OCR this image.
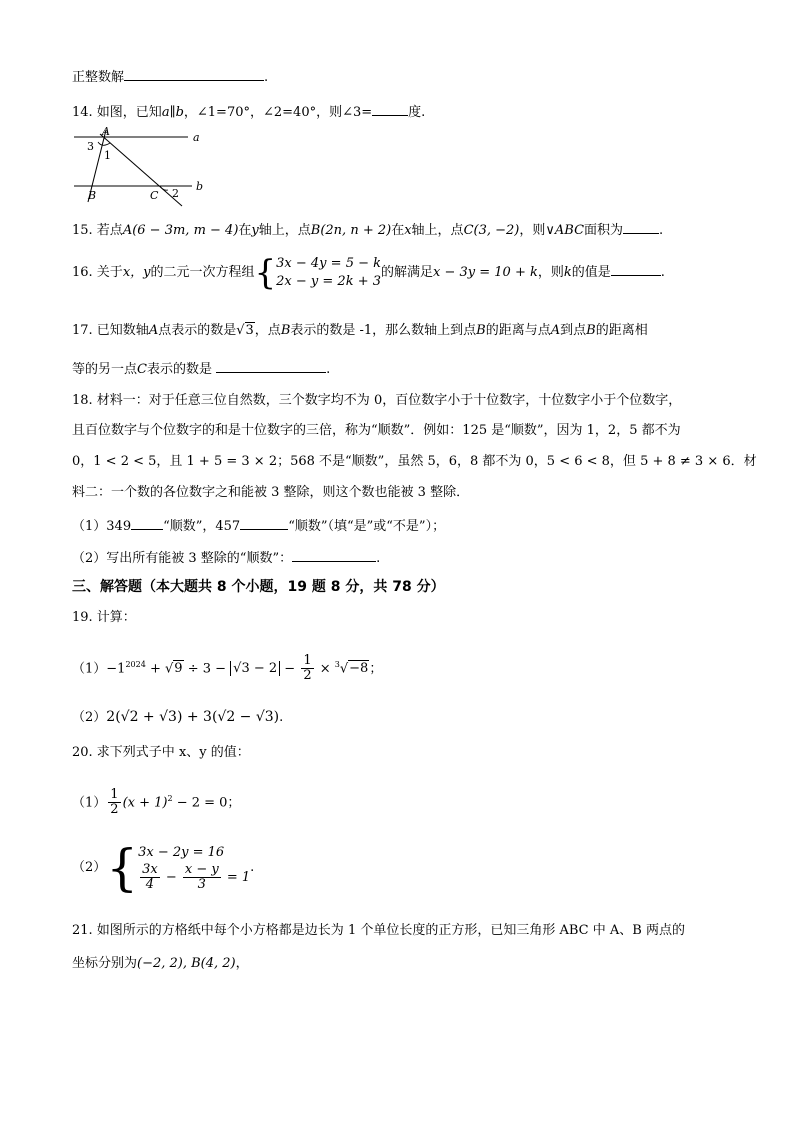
正整数解	.
14. 如图，已知a∥b，∠1=70°，∠2=40°，则∠3=	度.
A	a
3
1
B	C 2
b
15. 若点A(6 − 3m, m − 4)在y轴上，点B(2n, n + 2)在x轴上，点C(3, −2)，则∨ABC面积为	.
16. 关于x，y的二元一次方程组{ 3x − 4y = 5 − k
2x − y = 2k + 3
的解满足x − 3y = 10 + k，则k的值是	.
17. 已知数轴A点表示的数是√3，点B表示的数是 -1，那么数轴上到点B的距离与点A到点B的距离相
等的另一点C表示的数是	.
18. 材料一：对于任意三位自然数，三个数字均不为 0，百位数字小于十位数字，十位数字小于个位数字，
且百位数字与个位数字的和是十位数字的三倍，称为“顺数”．例如：125 是“顺数”，因为 1，2，5 都不为
0，1 < 2 < 5，且 1 + 5 = 3 × 2；568 不是“顺数”，虽然 5，6，8 都不为 0，5 < 6 < 8，但 5 + 8 ≠ 3 × 6．材
料二：一个数的各位数字之和能被 3 整除，则这个数也能被 3 整除．
（1）349 “顺数”，457	“顺数”（填“是”或“不是”）；
（2）写出所有能被 3 整除的“顺数”：	.
三、解答题（本大题共 8 个小题，19 题 8 分，共 78 分）
19. 计算：
$(1)-1^{2024} + √9 \div 3 - √3 - 2 - \frac{1}{2} \times ^3√-8$；
（2）2(√2 + √3) + 3(√2 − √3).
20. 求下列式子中 x、y 的值：
$(1) \frac{1}{2} (x + 1)^2 - 2 = 0$；
（2）{ 3x − 2y = 16
$\frac{3x}{4} - \frac{x - y}{3} = 1$
.
21. 如图所示的方格纸中每个小方格都是边长为 1 个单位长度的正方形，已知三角形 ABC 中 A、B 两点的
坐标分别为(−2, 2), B(4, 2)，
